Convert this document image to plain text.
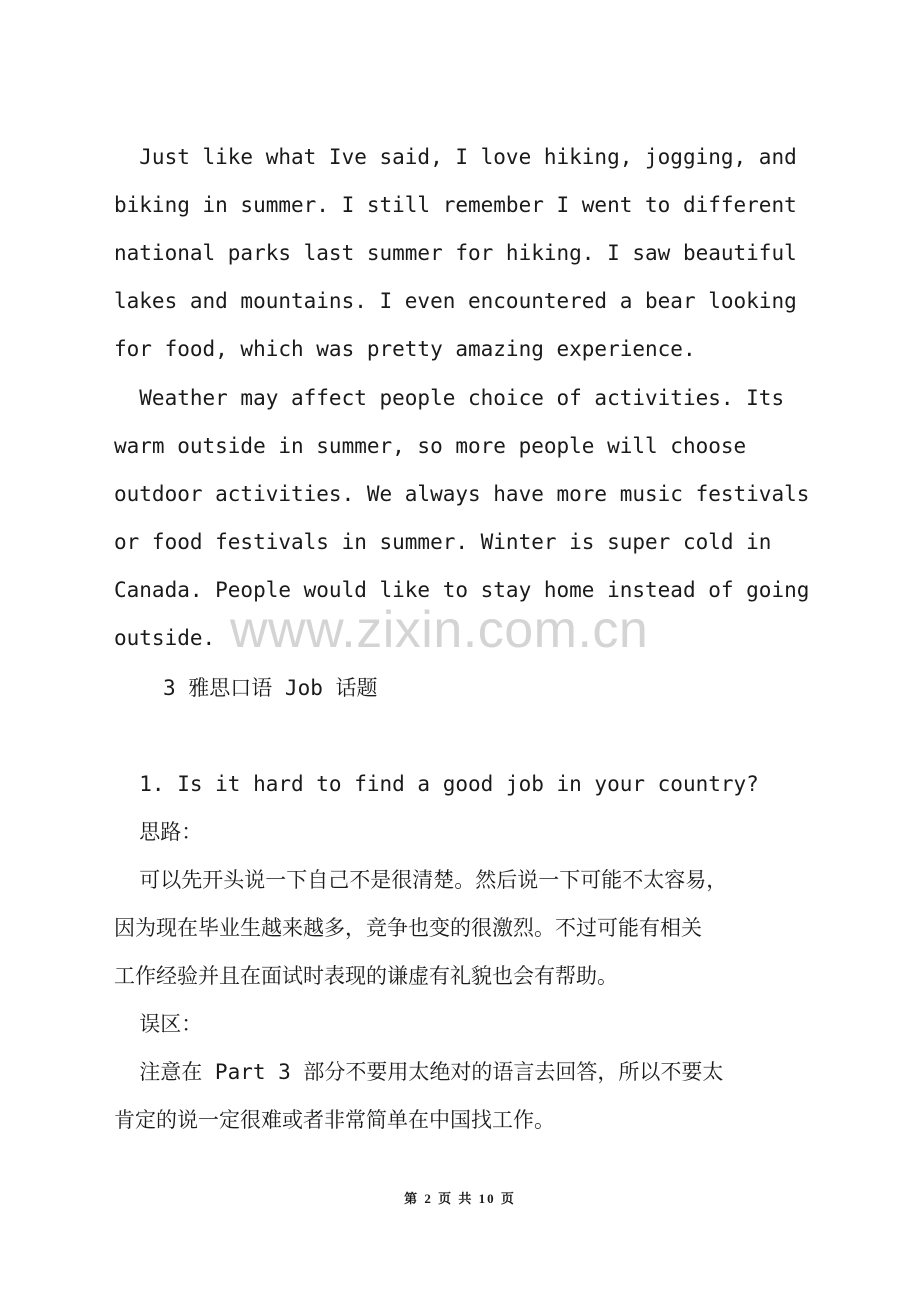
Just like what Ive said, I love hiking, jogging, and
biking in summer. I still remember I went to different
national parks last summer for hiking. I saw beautiful
lakes and mountains. I even encountered a bear looking
for food, which was pretty amazing experience.
Weather may affect people choice of activities. Its
warm outside in summer, so more people will choose
outdoor activities. We always have more music festivals
or food festivals in summer. Winter is super cold in
Canada. People would like to stay home instead of going
outside. www.zixin.com.cn
3 雅思口语 Job 话题
1. Is it hard to find a good job in your country?
思路：
可以先开头说一下自己不是很清楚。然后说一下可能不太容易，
因为现在毕业生越来越多，竞争也变的很激烈。不过可能有相关
工作经验并且在面试时表现的谦虚有礼貌也会有帮助。
误区：
注意在 Part 3 部分不要用太绝对的语言去回答，所以不要太
肯定的说一定很难或者非常简单在中国找工作。
第 2 页 共 10 页
